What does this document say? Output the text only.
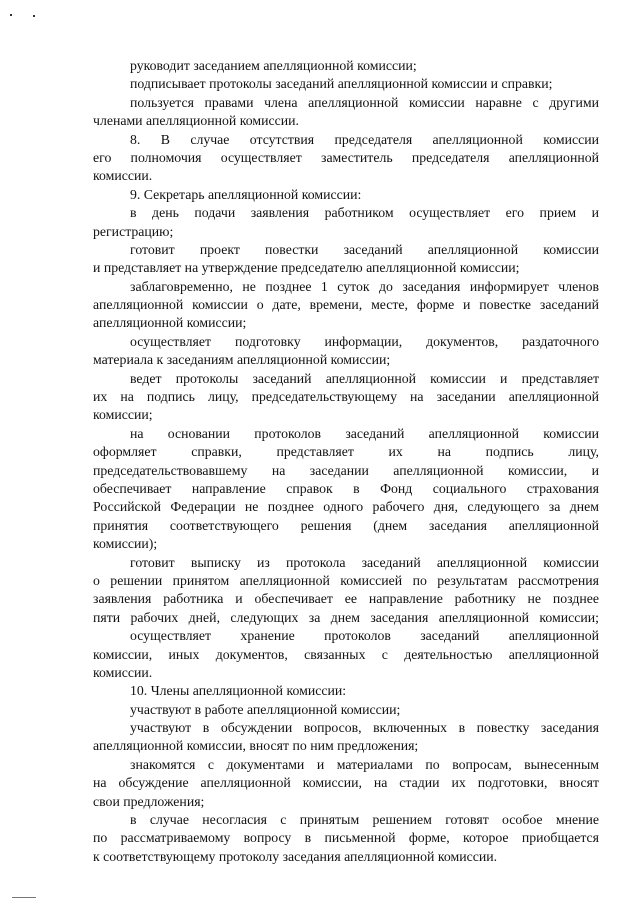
руководит заседанием апелляционной комиссии;
подписывает протоколы заседаний апелляционной комиссии и справки;
пользуется правами члена апелляционной комиссии наравне с другими
членами апелляционной комиссии.
8. В случае отсутствия председателя апелляционной комиссии
его полномочия осуществляет заместитель председателя апелляционной
комиссии.
9. Секретарь апелляционной комиссии:
в день подачи заявления работником осуществляет его прием и
регистрацию;
готовит проект повестки заседаний апелляционной комиссии
и представляет на утверждение председателю апелляционной комиссии;
заблаговременно, не позднее 1 суток до заседания информирует членов
апелляционной комиссии о дате, времени, месте, форме и повестке заседаний
апелляционной комиссии;
осуществляет подготовку информации, документов, раздаточного
материала к заседаниям апелляционной комиссии;
ведет протоколы заседаний апелляционной комиссии и представляет
их на подпись лицу, председательствующему на заседании апелляционной
комиссии;
на основании протоколов заседаний апелляционной комиссии
оформляет справки, представляет их на подпись лицу,
председательствовавшему на заседании апелляционной комиссии, и
обеспечивает направление справок в Фонд социального страхования
Российской Федерации не позднее одного рабочего дня, следующего за днем
принятия соответствующего решения (днем заседания апелляционной
комиссии);
готовит выписку из протокола заседаний апелляционной комиссии
о решении принятом апелляционной комиссией по результатам рассмотрения
заявления работника и обеспечивает ее направление работнику не позднее
пяти рабочих дней, следующих за днем заседания апелляционной комиссии;
осуществляет хранение протоколов заседаний апелляционной
комиссии, иных документов, связанных с деятельностью апелляционной
комиссии.
10. Члены апелляционной комиссии:
участвуют в работе апелляционной комиссии;
участвуют в обсуждении вопросов, включенных в повестку заседания
апелляционной комиссии, вносят по ним предложения;
знакомятся с документами и материалами по вопросам, вынесенным
на обсуждение апелляционной комиссии, на стадии их подготовки, вносят
свои предложения;
в случае несогласия с принятым решением готовят особое мнение
по рассматриваемому вопросу в письменной форме, которое приобщается
к соответствующему протоколу заседания апелляционной комиссии.
